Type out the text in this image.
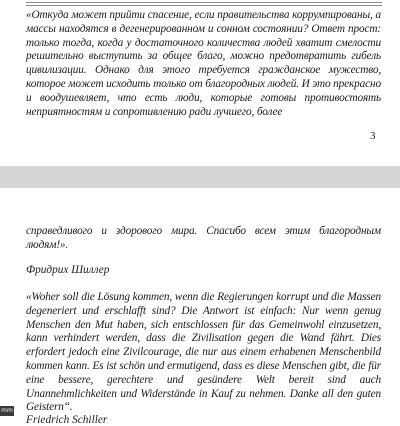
«Откуда может прийти спасение, если правительства коррумпированы, а массы находятся в дегенерированном и сонном состоянии? Ответ прост: только тогда, когда у достаточного количества людей хватит смелости решительно выступить за общее благо, можно предотвратить гибель цивилизации. Однако для этого требуется гражданское мужество, которое может исходить только от благородных людей. И это прекрасно и воодушевляет, что есть люди, которые готовы противостоять неприятностям и сопротивлению ради лучшего, более
3
справедливого и здорового мира. Спасибо всем этим благородным людям!».
Фридрих Шиллер
«Woher soll die Lösung kommen, wenn die Regierungen korrupt und die Massen degeneriert und erschlafft sind? Die Antwort ist einfach: Nur wenn genug Menschen den Mut haben, sich entschlossen für das Gemeinwohl einzusetzen, kann verhindert werden, dass die Zivilisation gegen die Wand fährt. Dies erfordert jedoch eine Zivilcourage, die nur aus einem erhabenen Menschenbild kommen kann. Es ist schön und ermutigend, dass es diese Menschen gibt, die für eine bessere, gerechtere und gesündere Welt bereit sind auch Unannehmlichkeiten und Widerstände in Kauf zu nehmen. Danke all den guten Geistern“.
Friedrich Schiller
mm
